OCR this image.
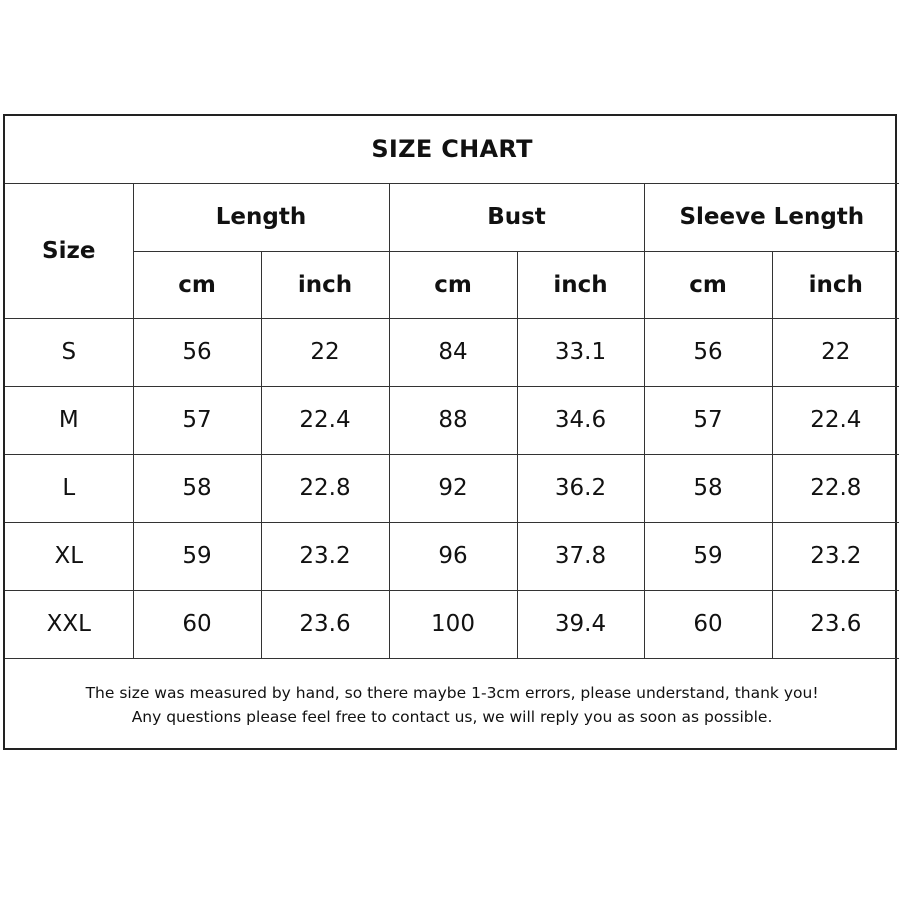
SIZE CHART						
Size	Length		Bust		Sleeve Length	
	cm	inch	cm	inch	cm	inch
S	56	22	84	33.1	56	22
M	57	22.4	88	34.6	57	22.4
L	58	22.8	92	36.2	58	22.8
XL	59	23.2	96	37.8	59	23.2
XXL	60	23.6	100	39.4	60	23.6

The size was measured by hand, so there maybe 1-3cm errors, please understand, thank you!
Any questions please feel free to contact us, we will reply you as soon as possible.						
